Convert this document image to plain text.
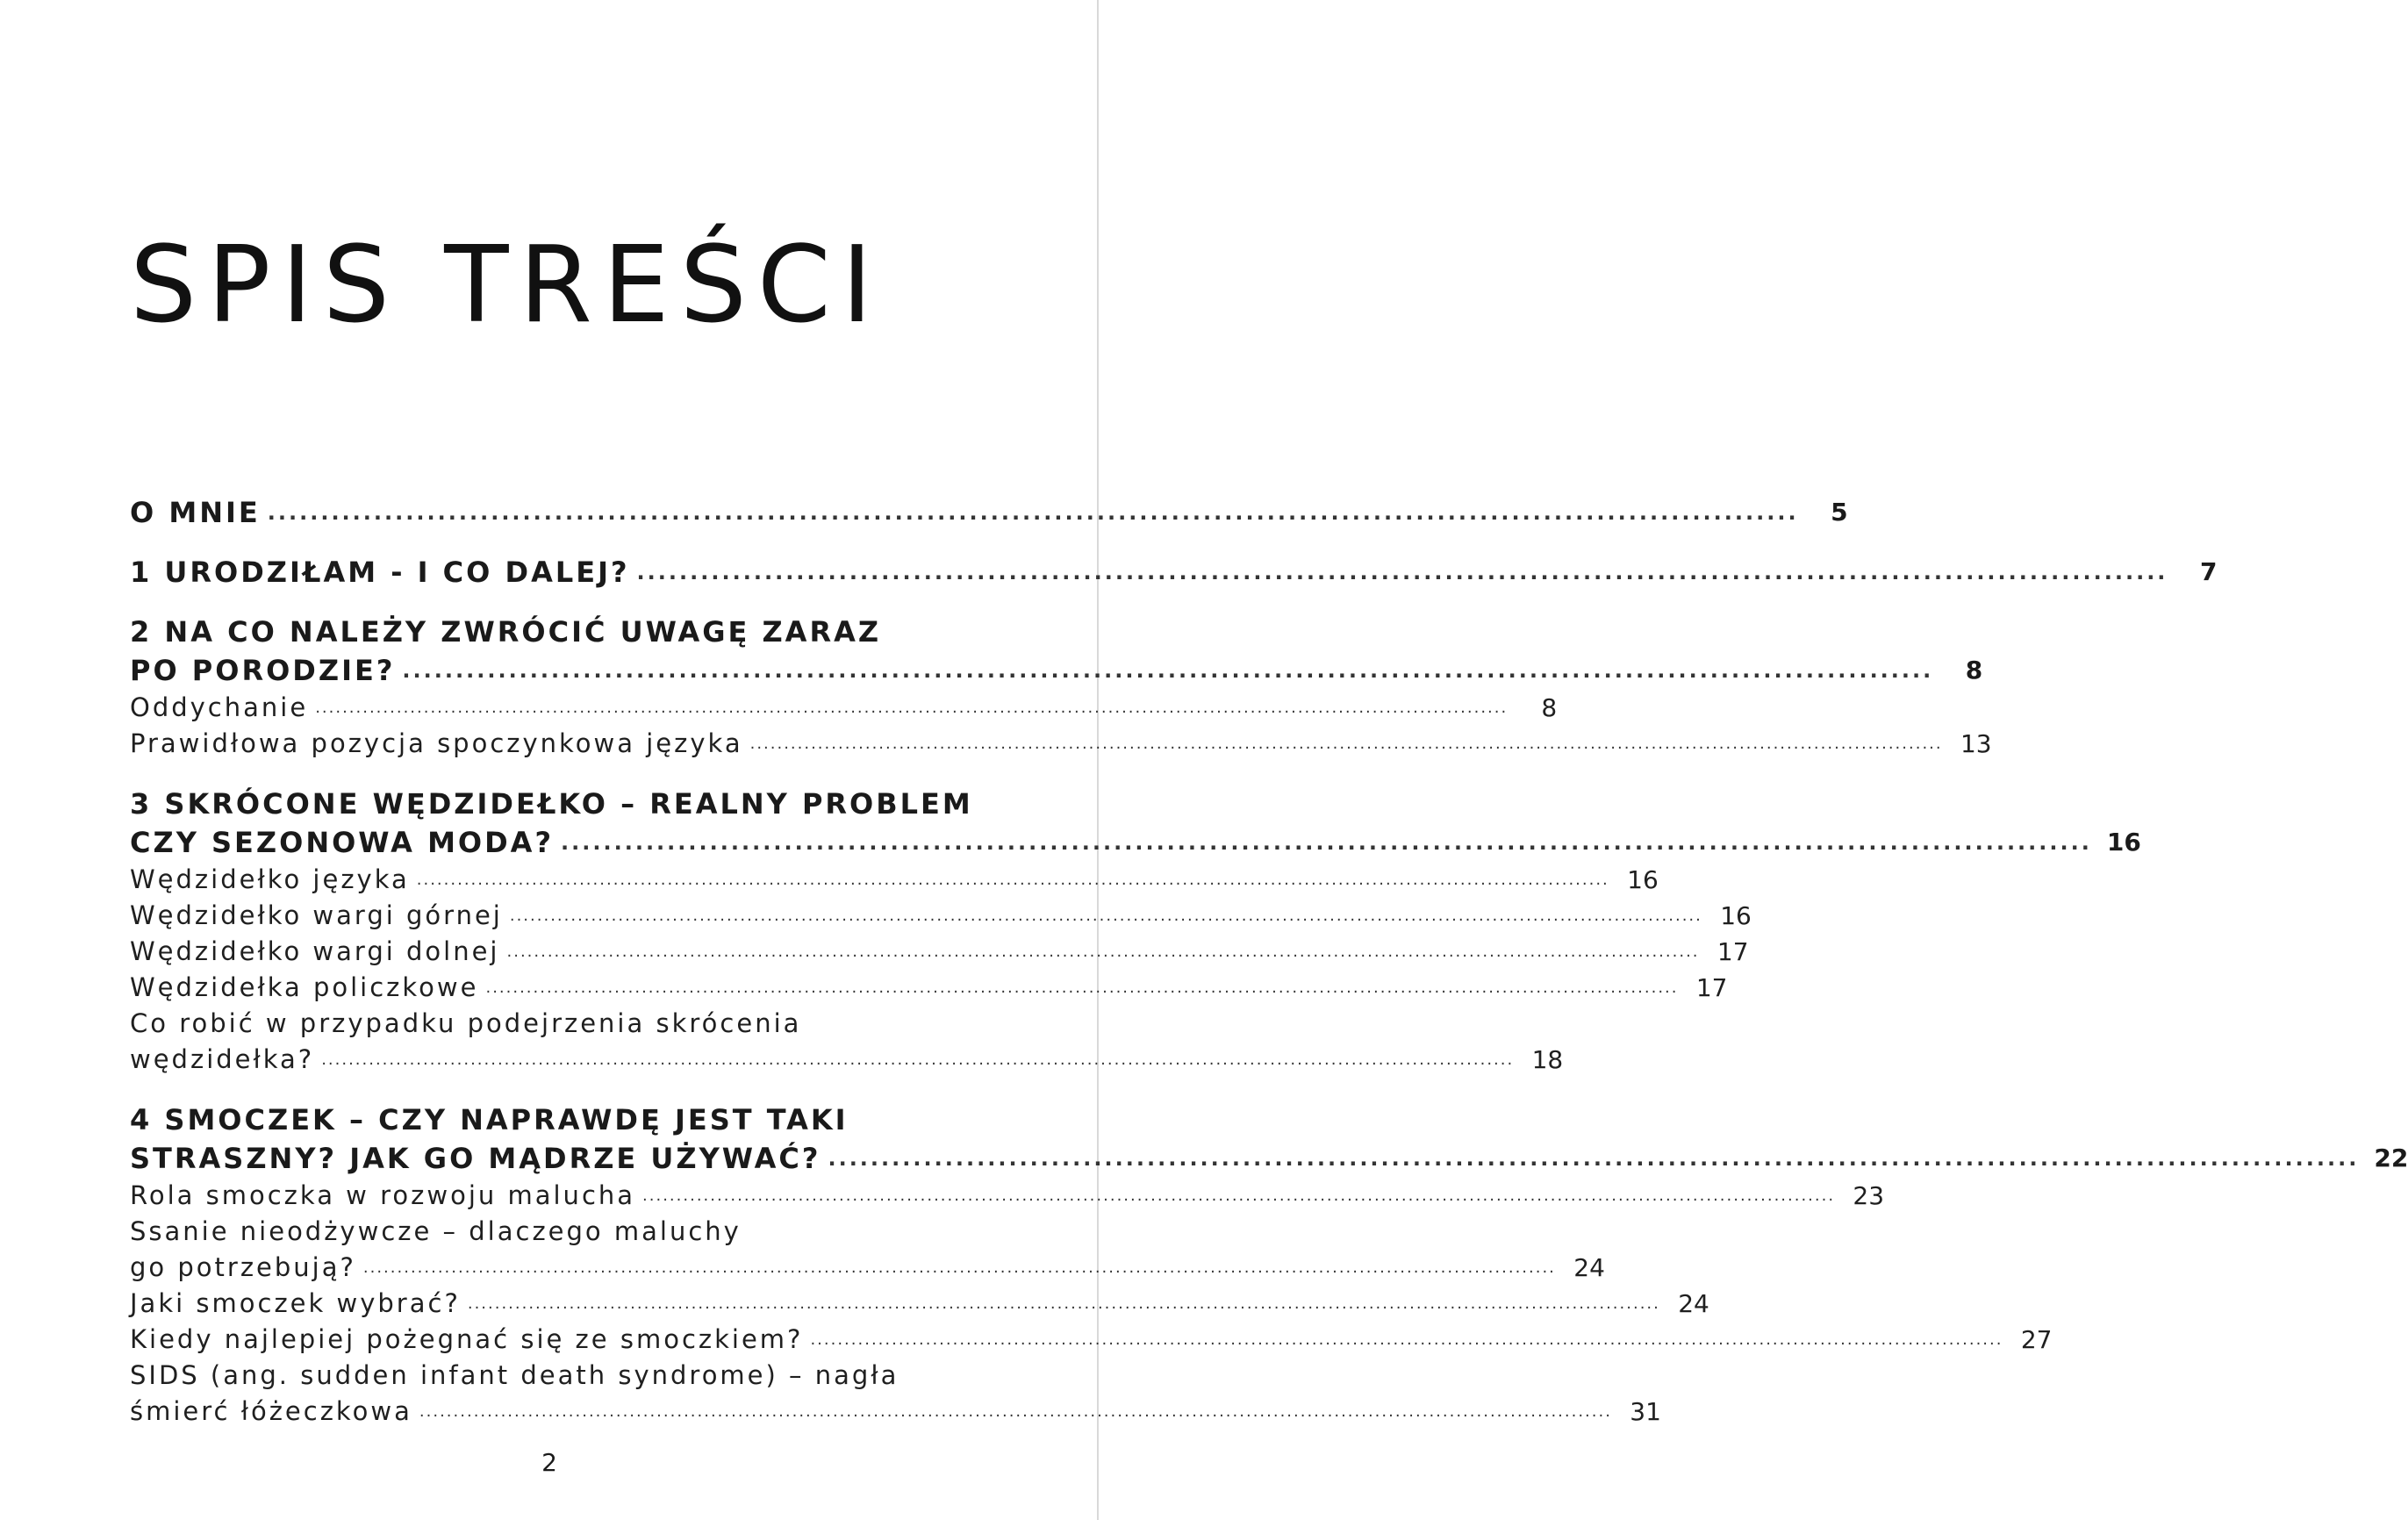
SPIS TREŚCI
O MNIE ................................................................................................................................................	5
1 URODZIŁAM - I CO DALEJ? ................................................................................................................................................	7
2 NA CO NALEŻY ZWRÓCIĆ UWAGĘ ZARAZ
PO PORODZIE? ................................................................................................................................................	8
Oddychanie ................................................................................................................................................................................	8
Prawidłowa pozycja spoczynkowa języka ................................................................................................................................................................................ 13
3 SKRÓCONE WĘDZIDEŁKO – REALNY PROBLEM
CZY SEZONOWA MODA? ................................................................................................................................................ 16
Wędzidełko języka ................................................................................................................................................................................ 16
Wędzidełko wargi górnej ................................................................................................................................................................................ 16
Wędzidełko wargi dolnej ................................................................................................................................................................................ 17
Wędzidełka policzkowe ................................................................................................................................................................................ 17
Co robić w przypadku podejrzenia skrócenia
wędzidełka? ................................................................................................................................................................................ 18
4 SMOCZEK – CZY NAPRAWDĘ JEST TAKI
STRASZNY? JAK GO MĄDRZE UŻYWAĆ? ................................................................................................................................................ 22
Rola smoczka w rozwoju malucha ................................................................................................................................................................................ 23
Ssanie nieodżywcze – dlaczego maluchy
go potrzebują? ................................................................................................................................................................................ 24
Jaki smoczek wybrać? ................................................................................................................................................................................ 24
Kiedy najlepiej pożegnać się ze smoczkiem? ................................................................................................................................................................................ 27
SIDS (ang. sudden infant death syndrome) – nagła
śmierć łóżeczkowa ................................................................................................................................................................................ 31
2
